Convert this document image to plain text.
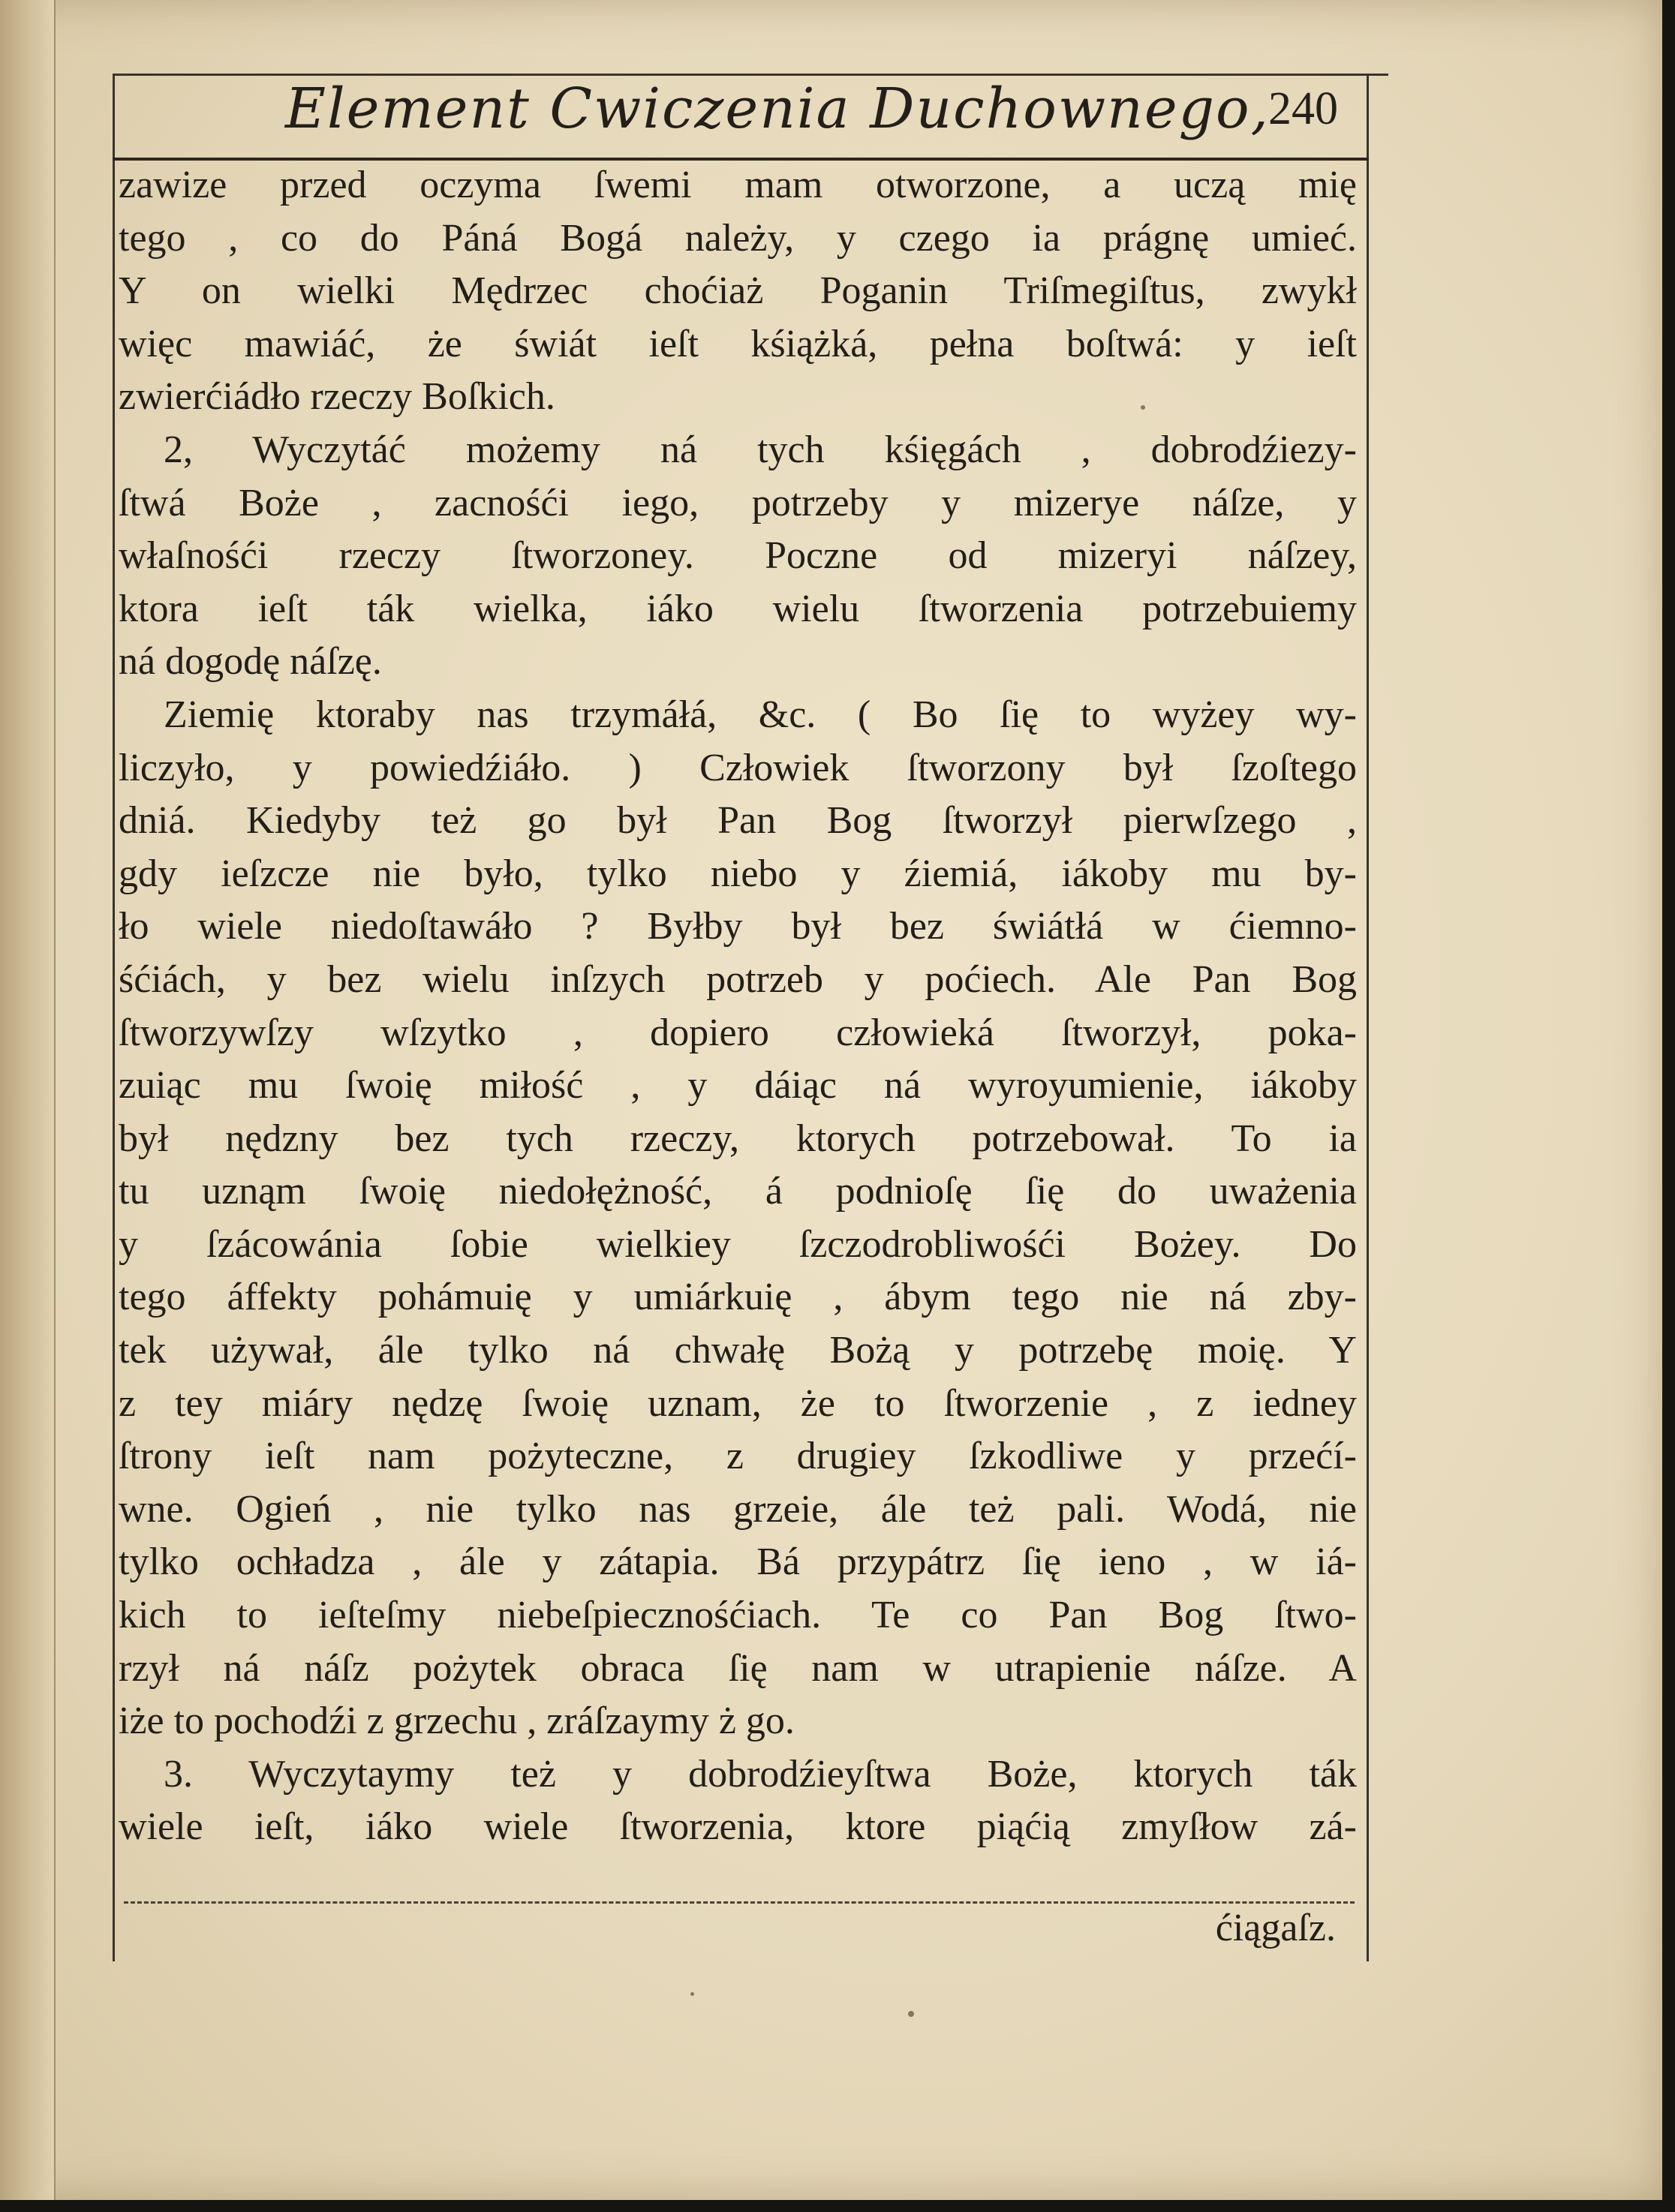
Element Cwiczenia Duchownego,
240
zawize przed oczyma ſwemi mam otworzone, a uczą mię
tego , co do Páná Bogá należy, y czego ia prágnę umieć.
Y on wielki Mędrzec choćiaż Poganin Triſmegiſtus, zwykł
więc mawiáć, że świát ieſt kśiążká, pełna boſtwá: y ieſt
zwierćiádło rzeczy Boſkich.
2, Wyczytáć możemy ná tych kśięgách , dobrodźiezy-
ſtwá Boże , zacnośći iego, potrzeby y mizerye náſze, y
właſnośći rzeczy ſtworzoney. Poczne od mizeryi náſzey,
ktora ieſt ták wielka, iáko wielu ſtworzenia potrzebuiemy
ná dogodę náſzę.
Ziemię ktoraby nas trzymáłá, &c. ( Bo ſię to wyżey wy-
liczyło, y powiedźiáło. ) Człowiek ſtworzony był ſzoſtego
dniá. Kiedyby też go był Pan Bog ſtworzył pierwſzego ,
gdy ieſzcze nie było, tylko niebo y źiemiá, iákoby mu by-
ło wiele niedoſtawáło ? Byłby był bez świátłá w ćiemno-
śćiách, y bez wielu inſzych potrzeb y poćiech. Ale Pan Bog
ſtworzywſzy wſzytko , dopiero człowieká ſtworzył, poka-
zuiąc mu ſwoię miłość , y dáiąc ná wyroyumienie, iákoby
był nędzny bez tych rzeczy, ktorych potrzebował. To ia
tu uznąm ſwoię niedołężność, á podnioſę ſię do uważenia
y ſzácowánia ſobie wielkiey ſzczodrobliwośći Bożey. Do
tego áffekty pohámuię y umiárkuię , ábym tego nie ná zby-
tek używał, ále tylko ná chwałę Bożą y potrzebę moię. Y
z tey miáry nędzę ſwoię uznam, że to ſtworzenie , z iedney
ſtrony ieſt nam pożyteczne, z drugiey ſzkodliwe y przećí-
wne. Ogień , nie tylko nas grzeie, ále też pali. Wodá, nie
tylko ochładza , ále y zátapia. Bá przypátrz ſię ieno , w iá-
kich to ieſteſmy niebeſpiecznośćiach. Te co Pan Bog ſtwo-
rzył ná náſz pożytek obraca ſię nam w utrapienie náſze. A
iże to pochodźi z grzechu , zráſzaymy ż go.
3. Wyczytaymy też y dobrodźieyſtwa Boże, ktorych ták
wiele ieſt, iáko wiele ſtworzenia, ktore piąćią zmyſłow zá-
ćiągaſz.
